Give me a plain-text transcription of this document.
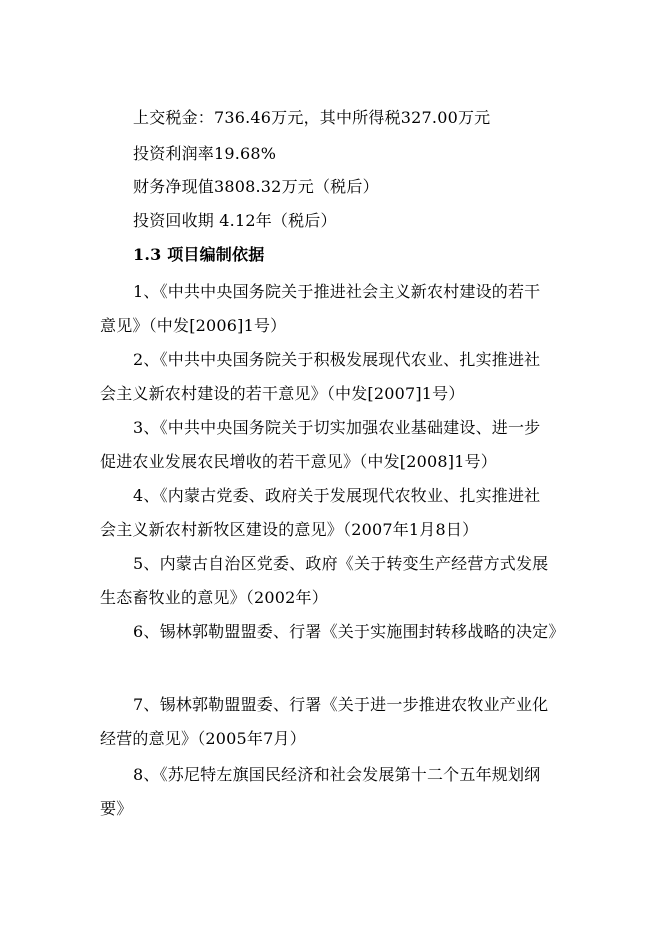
上交税金：736.46万元，其中所得税327.00万元
投资利润率19.68%
财务净现值3808.32万元（税后）
投资回收期 4.12年（税后）
1.3 项目编制依据
1、《中共中央国务院关于推进社会主义新农村建设的若干
意见》（中发[2006]1号）
2、《中共中央国务院关于积极发展现代农业、扎实推进社
会主义新农村建设的若干意见》（中发[2007]1号）
3、《中共中央国务院关于切实加强农业基础建设、进一步
促进农业发展农民增收的若干意见》（中发[2008]1号）
4、《内蒙古党委、政府关于发展现代农牧业、扎实推进社
会主义新农村新牧区建设的意见》（2007年1月8日）
5、内蒙古自治区党委、政府《关于转变生产经营方式发展
生态畜牧业的意见》（2002年）
6、锡林郭勒盟盟委、行署《关于实施围封转移战略的决定》
7、锡林郭勒盟盟委、行署《关于进一步推进农牧业产业化
经营的意见》（2005年7月）
8、《苏尼特左旗国民经济和社会发展第十二个五年规划纲
要》
